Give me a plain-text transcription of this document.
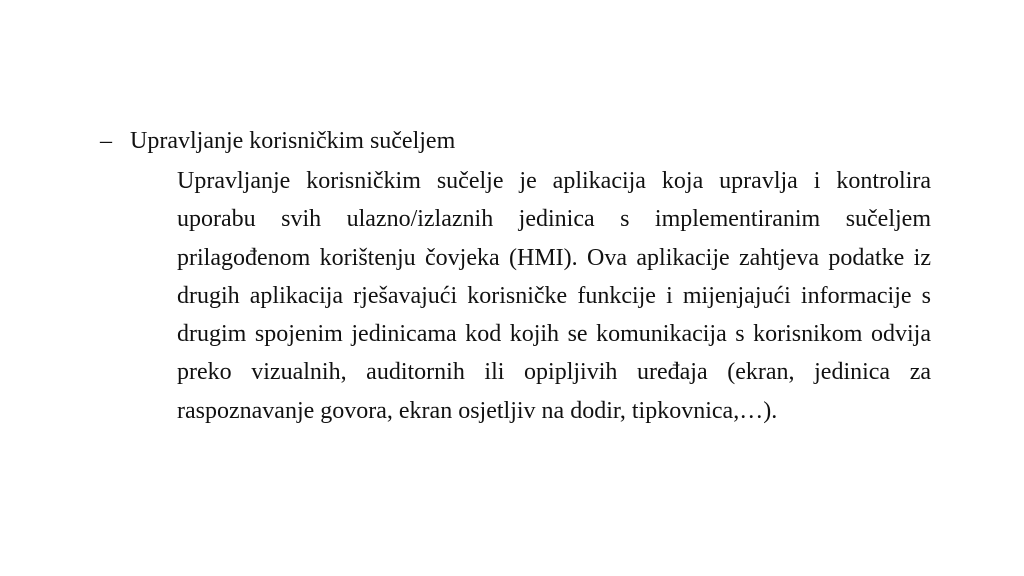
– Upravljanje korisničkim sučeljem

Upravljanje korisničkim sučelje je aplikacija koja upravlja i kontrolira uporabu svih ulazno/izlaznih jedinica s implementiranim sučeljem prilagođenom korištenju čovjeka (HMI). Ova aplikacije zahtjeva podatke iz drugih aplikacija rješavajući korisničke funkcije i mijenjajući informacije s drugim spojenim jedinicama kod kojih se komunikacija s korisnikom odvija preko vizualnih, auditornih ili opipljivih uređaja (ekran, jedinica za raspoznavanje govora, ekran osjetljiv na dodir, tipkovnica,…).
